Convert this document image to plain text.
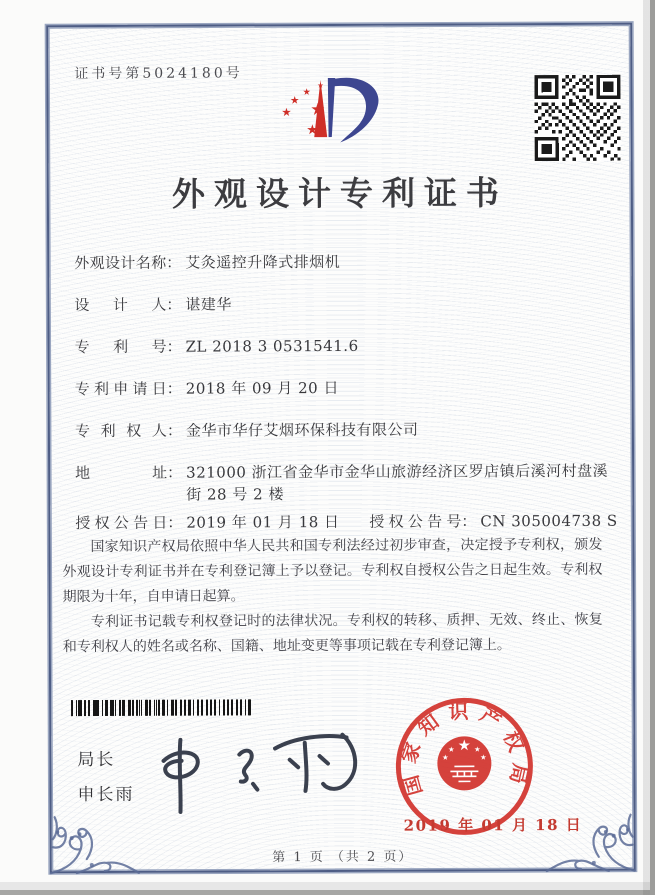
证书号第5024180号
外观设计专利证书
外观设计名称： 艾灸遥控升降式排烟机
设计人： 谌建华
专利号： ZL 2018 3 0531541.6
专利申请日： 2018 年 09 月 20 日
专利权人： 金华市华仔艾烟环保科技有限公司
地址： 321000 浙江省金华市金华山旅游经济区罗店镇后溪河村盘溪街 28 号 2 楼
授权公告日： 2019 年 01 月 18 日 授权公告号： CN 305004738 S

国家知识产权局依照中华人民共和国专利法经过初步审查，决定授予专利权，颁发外观设计专利证书并在专利登记簿上予以登记。专利权自授权公告之日起生效。专利权期限为十年，自申请日起算。

专利证书记载专利权登记时的法律状况。专利权的转移、质押、无效、终止、恢复和专利权人的姓名或名称、国籍、地址变更等事项记载在专利登记簿上。

局长
申长雨	国家知识产权局
2019 年 01 月 18 日
第 1 页 （共 2 页）
